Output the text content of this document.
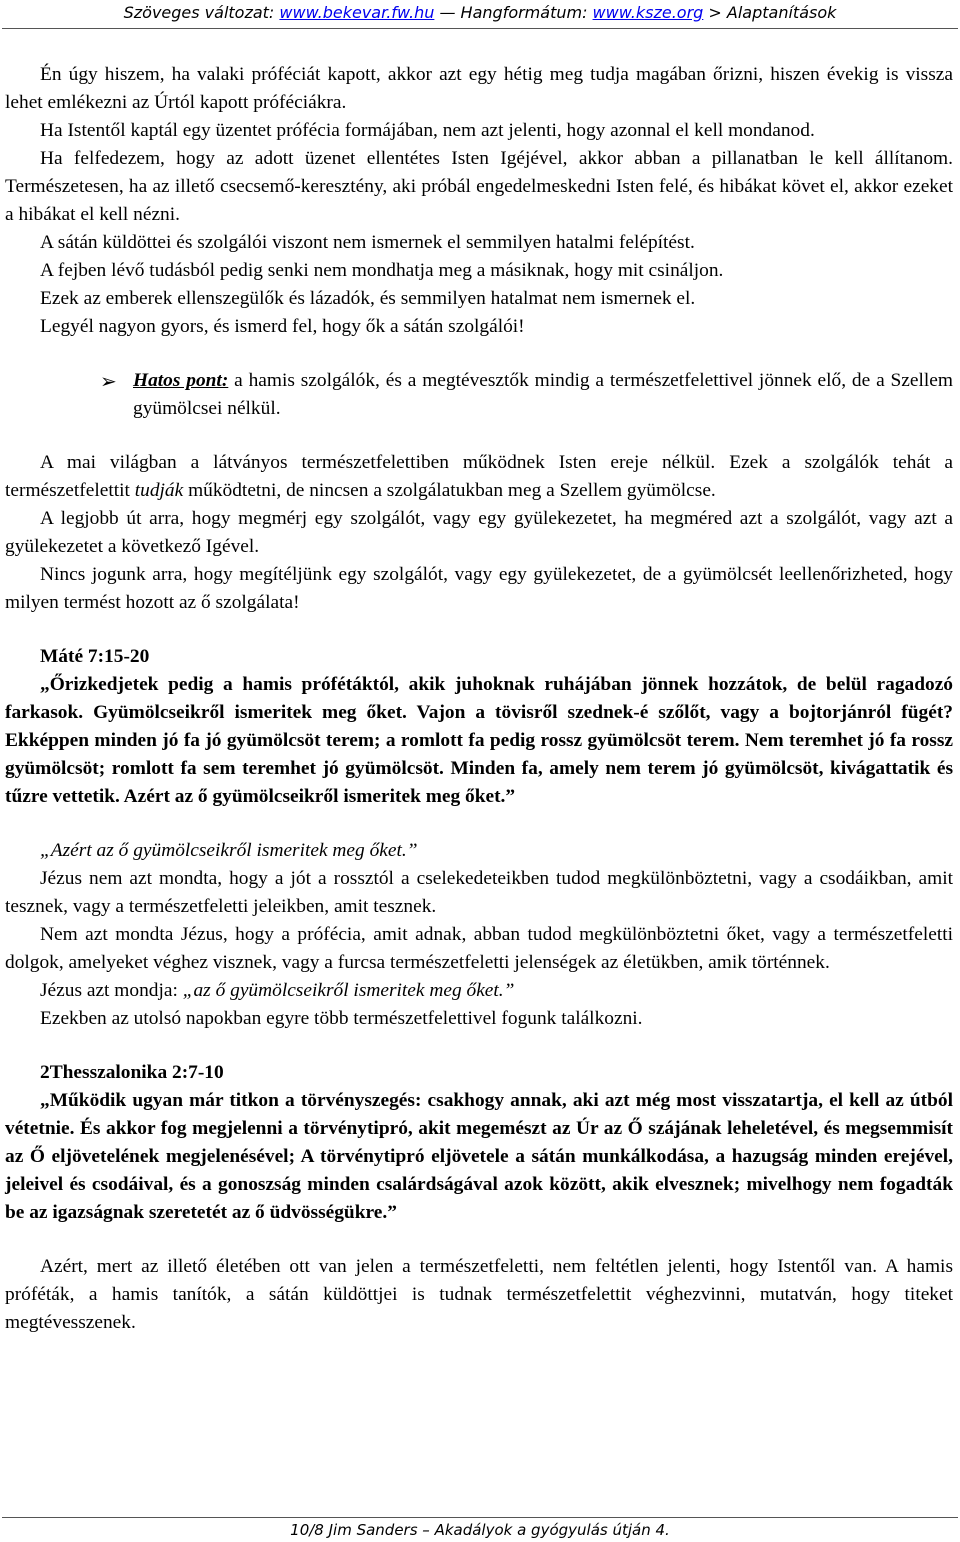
Szöveges változat: www.bekevar.fw.hu — Hangformátum: www.ksze.org > Alaptanítások

Én úgy hiszem, ha valaki próféciát kapott, akkor azt egy hétig meg tudja magában őrizni, hiszen évekig is vissza lehet emlékezni az Úrtól kapott próféciákra.

Ha Istentől kaptál egy üzentet prófécia formájában, nem azt jelenti, hogy azonnal el kell mondanod.

Ha felfedezem, hogy az adott üzenet ellentétes Isten Igéjével, akkor abban a pillanatban le kell állítanom. Természetesen, ha az illető csecsemő-keresztény, aki próbál engedelmeskedni Isten felé, és hibákat követ el, akkor ezeket a hibákat el kell nézni.

A sátán küldöttei és szolgálói viszont nem ismernek el semmilyen hatalmi felépítést.

A fejben lévő tudásból pedig senki nem mondhatja meg a másiknak, hogy mit csináljon.

Ezek az emberek ellenszegülők és lázadók, és semmilyen hatalmat nem ismernek el.

Legyél nagyon gyors, és ismerd fel, hogy ők a sátán szolgálói!

➢ Hatos pont: a hamis szolgálók, és a megtévesztők mindig a természetfelettivel jönnek elő, de a Szellem gyümölcsei nélkül.

A mai világban a látványos természetfelettiben működnek Isten ereje nélkül. Ezek a szolgálók tehát a természetfelettit tudják működtetni, de nincsen a szolgálatukban meg a Szellem gyümölcse.

A legjobb út arra, hogy megmérj egy szolgálót, vagy egy gyülekezetet, ha megméred azt a szolgálót, vagy azt a gyülekezetet a következő Igével.

Nincs jogunk arra, hogy megítéljünk egy szolgálót, vagy egy gyülekezetet, de a gyümölcsét leellenőrizheted, hogy milyen termést hozott az ő szolgálata!

Máté 7:15-20

„Őrizkedjetek pedig a hamis prófétáktól, akik juhoknak ruhájában jönnek hozzátok, de belül ragadozó farkasok. Gyümölcseikről ismeritek meg őket. Vajon a tövisről szednek-é szőlőt, vagy a bojtorjánról fügét? Ekképpen minden jó fa jó gyümölcsöt terem; a romlott fa pedig rossz gyümölcsöt terem. Nem teremhet jó fa rossz gyümölcsöt; romlott fa sem teremhet jó gyümölcsöt. Minden fa, amely nem terem jó gyümölcsöt, kivágattatik és tűzre vettetik. Azért az ő gyümölcseikről ismeritek meg őket.”

„Azért az ő gyümölcseikről ismeritek meg őket.”

Jézus nem azt mondta, hogy a jót a rossztól a cselekedeteikben tudod megkülönböztetni, vagy a csodáikban, amit tesznek, vagy a természetfeletti jeleikben, amit tesznek.

Nem azt mondta Jézus, hogy a prófécia, amit adnak, abban tudod megkülönböztetni őket, vagy a természetfeletti dolgok, amelyeket véghez visznek, vagy a furcsa természetfeletti jelenségek az életükben, amik történnek.

Jézus azt mondja: „az ő gyümölcseikről ismeritek meg őket.”

Ezekben az utolsó napokban egyre több természetfelettivel fogunk találkozni.

2Thesszalonika 2:7-10

„Működik ugyan már titkon a törvényszegés: csakhogy annak, aki azt még most visszatartja, el kell az útból vétetnie. És akkor fog megjelenni a törvénytipró, akit megemészt az Úr az Ő szájának leheletével, és megsemmisít az Ő eljövetelének megjelenésével; A törvénytipró eljövetele a sátán munkálkodása, a hazugság minden erejével, jeleivel és csodáival, és a gonoszság minden csalárdságával azok között, akik elvesznek; mivelhogy nem fogadták be az igazságnak szeretetét az ő üdvösségükre.”

Azért, mert az illető életében ott van jelen a természetfeletti, nem feltétlen jelenti, hogy Istentől van. A hamis próféták, a hamis tanítók, a sátán küldöttjei is tudnak természetfelettit véghezvinni, mutatván, hogy titeket megtévesszenek.

10/8 Jim Sanders – Akadályok a gyógyulás útján 4.
